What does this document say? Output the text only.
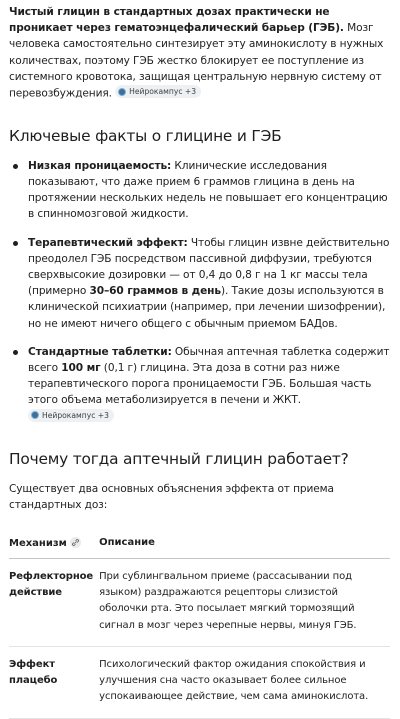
Чистый глицин в стандартных дозах практически не проникает через гематоэнцефалический барьер (ГЭБ). Мозг человека самостоятельно синтезирует эту аминокислоту в нужных количествах, поэтому ГЭБ жестко блокирует ее поступление из системного кровотока, защищая центральную нервную систему от перевозбуждения. Нейрокампус +3

Ключевые факты о глицине и ГЭБ
Низкая проницаемость: Клинические исследования показывают, что даже прием 6 граммов глицина в день на протяжении нескольких недель не повышает его концентрацию в спинномозговой жидкости.
Терапевтический эффект: Чтобы глицин извне действительно преодолел ГЭБ посредством пассивной диффузии, требуются сверхвысокие дозировки — от 0,4 до 0,8 г на 1 кг массы тела (примерно 30–60 граммов в день). Такие дозы используются в клинической психиатрии (например, при лечении шизофрении), но не имеют ничего общего с обычным приемом БАДов.
Стандартные таблетки: Обычная аптечная таблетка содержит всего 100 мг (0,1 г) глицина. Эта доза в сотни раз ниже терапевтического порога проницаемости ГЭБ. Большая часть этого объема метаболизируется в печени и ЖКТ.
Нейрокампус +3
Почему тогда аптечный глицин работает?

Существует два основных объяснения эффекта от приема стандартных доз:

Механизм	Описание
Рефлекторное действие	При сублингвальном приеме (рассасывании под языком) раздражаются рецепторы слизистой оболочки рта. Это посылает мягкий тормозящий сигнал в мозг через черепные нервы, минуя ГЭБ.
Эффект плацебо	Психологический фактор ожидания спокойствия и улучшения сна часто оказывает более сильное успокаивающее действие, чем сама аминокислота.
